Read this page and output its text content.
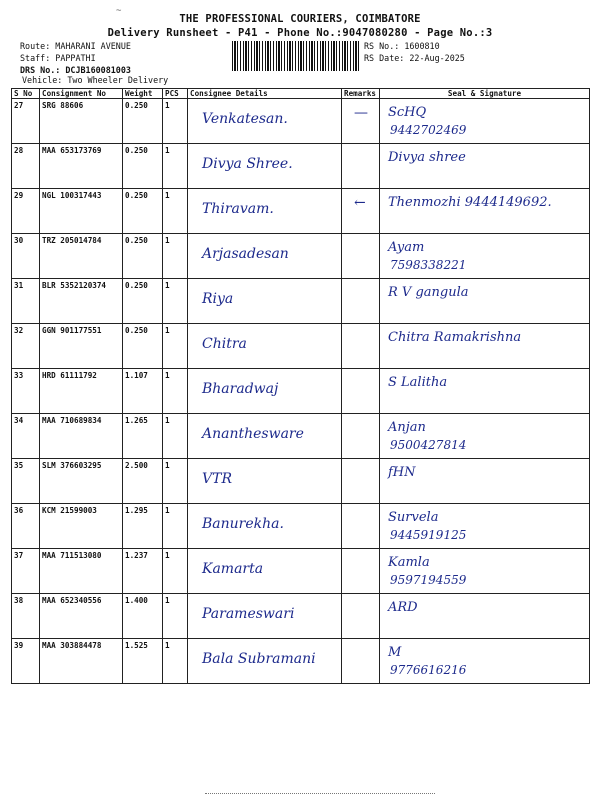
~
THE PROFESSIONAL COURIERS, COIMBATORE
Delivery Runsheet - P41 - Phone No.:9047080280 - Page No.:3
Route: MAHARANI AVENUE
Staff: PAPPATHI
DRS No.: DCJB160081003
Vehicle: Two Wheeler Delivery
RS No.: 1600810
RS Date: 22-Aug-2025
S No	Consignment No	Weight	PCS	Consignee Details	Remarks	Seal & Signature
27	SRG 88606	0.250	1	Venkatesan.	—	ScHQ
9442702469

28	MAA 653173769	0.250	1	Divya Shree.		Divya shree

29	NGL 100317443	0.250	1	Thiravam.	←	Thenmozhi 9444149692.

30	TRZ 205014784	0.250	1	Arjasadesan		Ayam
7598338221

31	BLR 5352120374	0.250	1	Riya		R V gangula

32	GGN 901177551	0.250	1	Chitra		Chitra Ramakrishna

33	HRD 61111792	1.107	1	Bharadwaj		S Lalitha

34	MAA 710689834	1.265	1	Ananthesware		Anjan
9500427814

35	SLM 376603295	2.500	1	VTR		fHN

36	KCM 21599003	1.295	1	Banurekha.		Survela
9445919125

37	MAA 711513080	1.237	1	Kamarta		Kamla
9597194559

38	MAA 652340556	1.400	1	Parameswari		ARD

39	MAA 303884478	1.525	1	Bala Subramani		M
9776616216
